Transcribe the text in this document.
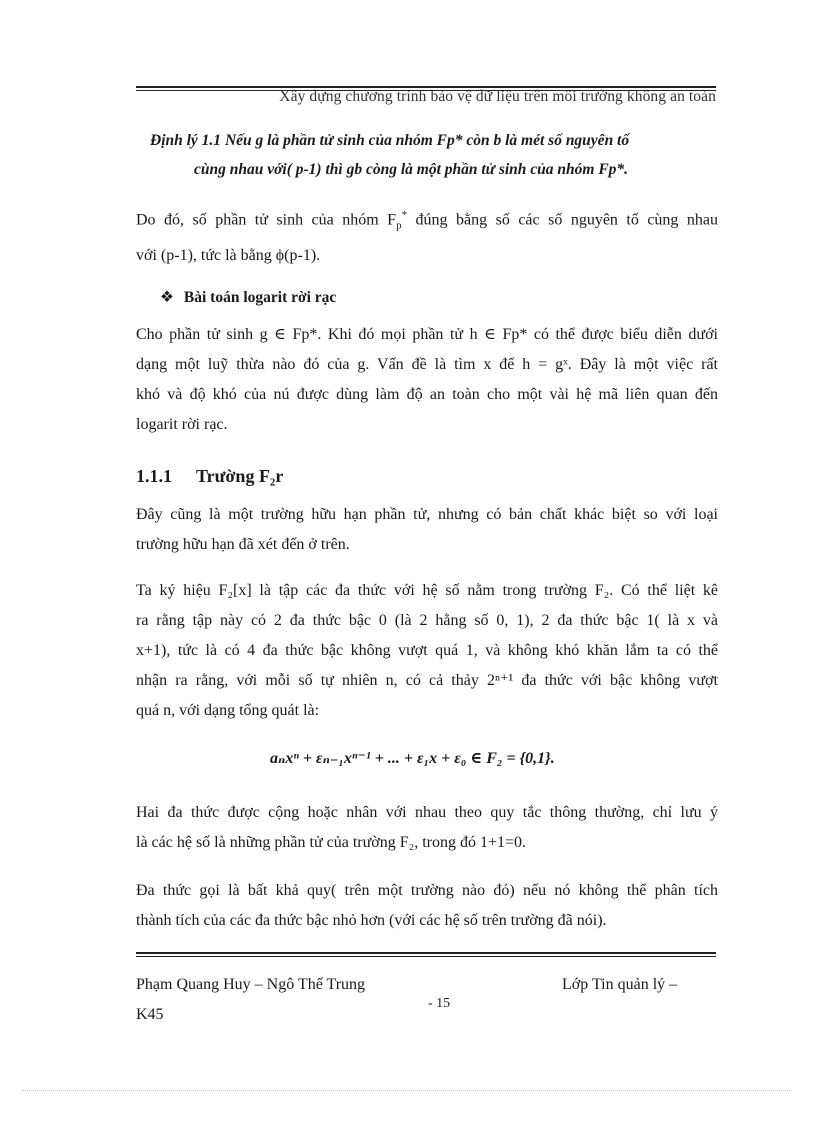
Xây dựng chương trình bảo vệ dữ liệu trên môi trường không an toàn
Định lý 1.1 Nếu g là phần tử sinh của nhóm Fp* còn b là mét số nguyên tố
cùng nhau với( p-1) thì gb còng là một phần tử sinh của nhóm Fp*.
Do đó, số phần tử sinh của nhóm $F_p^*$ đúng bằng số các số nguyên tố cùng nhau
với (p-1), tức là bằng ϕ(p-1).
❖ Bài toán logarit rời rạc
Cho phần tử sinh g ∈ Fp*. Khi đó mọi phần tử h ∈ Fp* có thể được biểu diễn dưới
dạng một luỹ thừa nào đó của g. Vấn đề là tìm x để h = gˣ. Đây là một việc rất
khó và độ khó của nú được dùng làm độ an toàn cho một vài hệ mã liên quan đến
logarit rời rạc.
1.1.1 Trường F₂r
Đây cũng là một trường hữu hạn phần tử, nhưng có bản chất khác biệt so với loại
trường hữu hạn đã xét đến ở trên.
Ta ký hiệu F₂[x] là tập các đa thức với hệ số nằm trong trường F₂. Có thể liệt kê
ra rằng tập này có 2 đa thức bậc 0 (là 2 hằng số 0, 1), 2 đa thức bậc 1( là x và
x+1), tức là có 4 đa thức bậc không vượt quá 1, và không khó khăn lắm ta có thể
nhận ra rằng, với mỗi số tự nhiên n, có cả thảy 2ⁿ⁺¹ đa thức với bậc không vượt
quá n, với dạng tổng quát là:
aₙxⁿ + εₙ₋₁xⁿ⁻¹ + ... + ε₁x + ε₀ ∈ F₂ = {0,1}.
Hai đa thức được cộng hoặc nhân với nhau theo quy tắc thông thường, chỉ lưu ý
là các hệ số là những phần tử của trường F₂, trong đó 1+1=0.
Đa thức gọi là bất khả quy( trên một trường nào đó) nếu nó không thể phân tích
thành tích của các đa thức bậc nhỏ hơn (với các hệ số trên trường đã nói).
Phạm Quang Huy – Ngô Thế Trung	Lớp Tin quản lý –
- 15
K45
